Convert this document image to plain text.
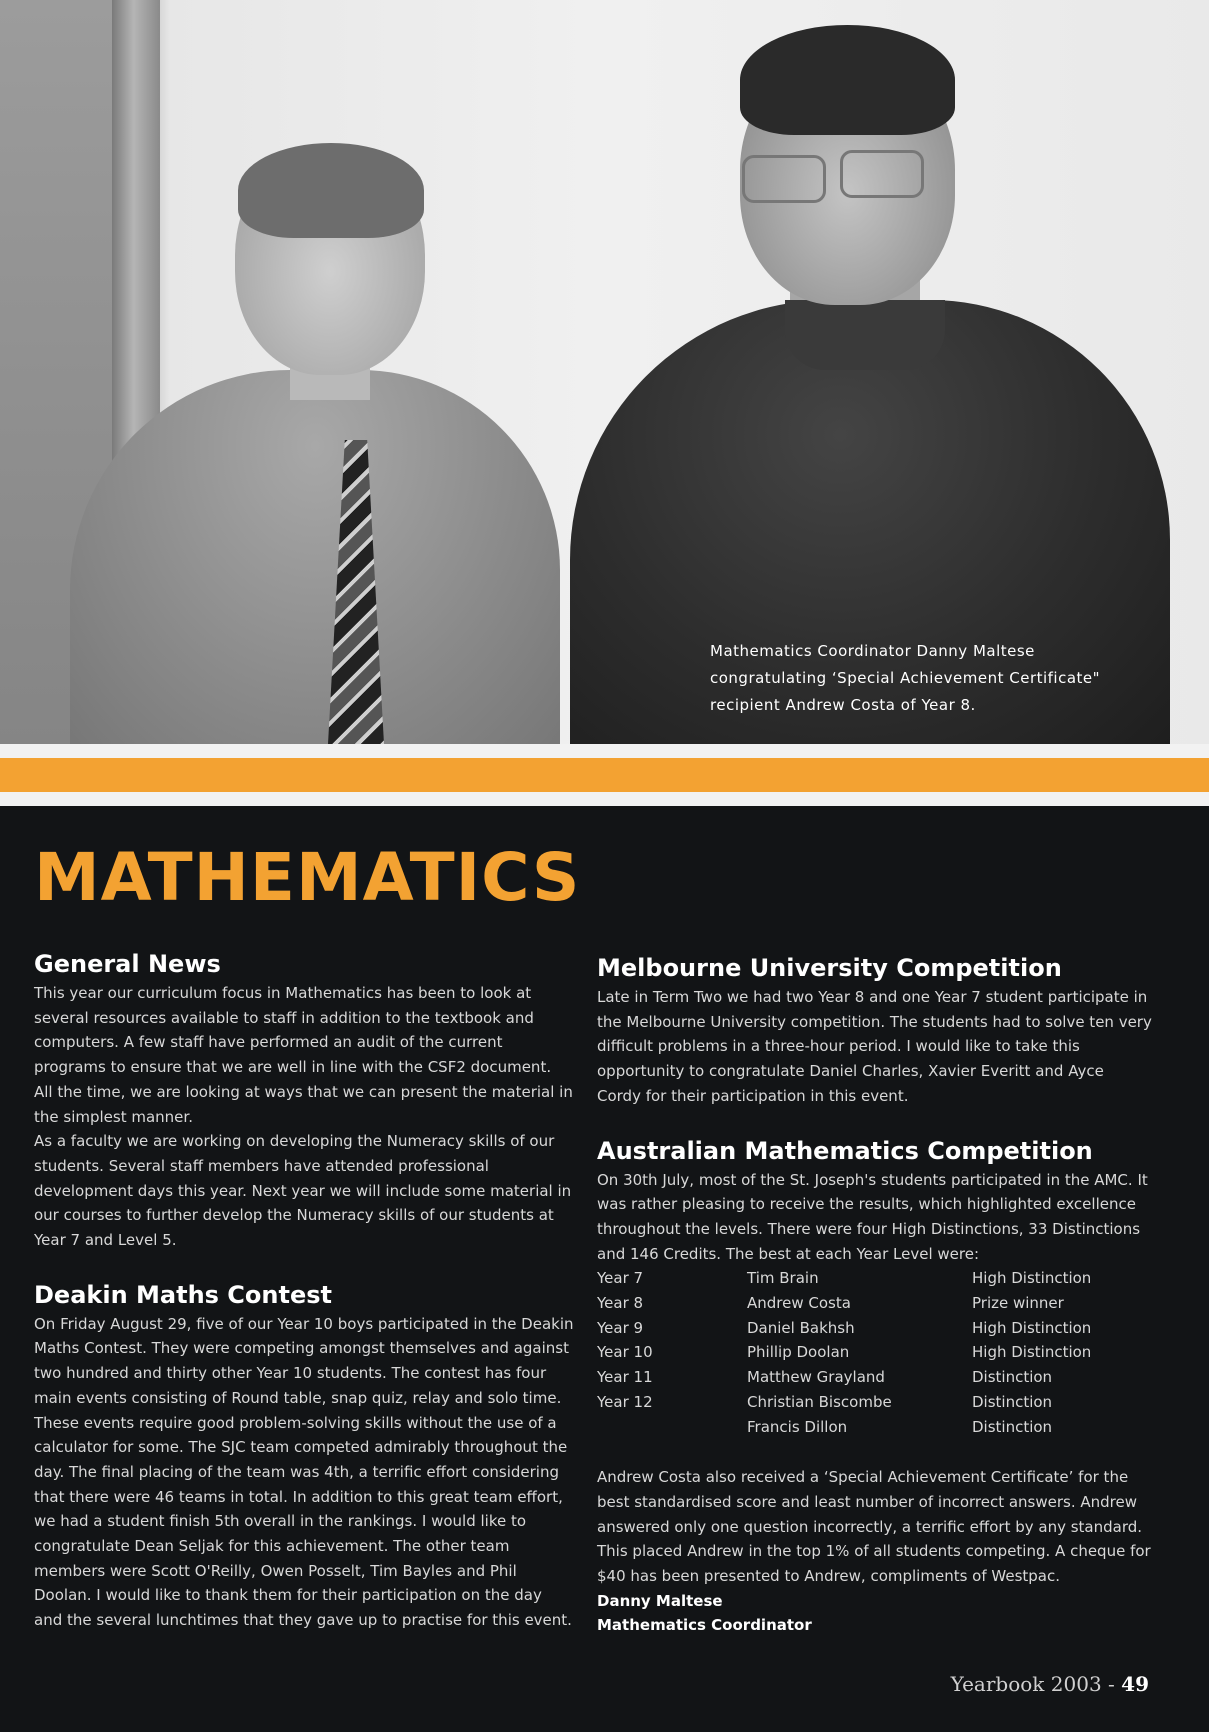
Mathematics Coordinator Danny Maltese
congratulating ‘Special Achievement Certificate"
recipient Andrew Costa of Year 8.
MATHEMATICS
General News

This year our curriculum focus in Mathematics has been to look at several resources available to staff in addition to the textbook and computers. A few staff have performed an audit of the current programs to ensure that we are well in line with the CSF2 document. All the time, we are looking at ways that we can present the material in the simplest manner.

As a faculty we are working on developing the Numeracy skills of our students. Several staff members have attended professional development days this year. Next year we will include some material in our courses to further develop the Numeracy skills of our students at Year 7 and Level 5.

Deakin Maths Contest

On Friday August 29, five of our Year 10 boys participated in the Deakin Maths Contest. They were competing amongst themselves and against two hundred and thirty other Year 10 students. The contest has four main events consisting of Round table, snap quiz, relay and solo time. These events require good problem-solving skills without the use of a calculator for some. The SJC team competed admirably throughout the day. The final placing of the team was 4th, a terrific effort considering that there were 46 teams in total. In addition to this great team effort, we had a student finish 5th overall in the rankings. I would like to congratulate Dean Seljak for this achievement. The other team members were Scott O'Reilly, Owen Posselt, Tim Bayles and Phil Doolan. I would like to thank them for their participation on the day and the several lunchtimes that they gave up to practise for this event.

Melbourne University Competition

Late in Term Two we had two Year 8 and one Year 7 student participate in the Melbourne University competition. The students had to solve ten very difficult problems in a three-hour period. I would like to take this opportunity to congratulate Daniel Charles, Xavier Everitt and Ayce Cordy for their participation in this event.

Australian Mathematics Competition

On 30th July, most of the St. Joseph's students participated in the AMC. It was rather pleasing to receive the results, which highlighted excellence throughout the levels. There were four High Distinctions, 33 Distinctions and 146 Credits. The best at each Year Level were:

Year 7	Tim Brain	High Distinction
Year 8	Andrew Costa	Prize winner
Year 9	Daniel Bakhsh	High Distinction
Year 10	Phillip Doolan	High Distinction
Year 11	Matthew Grayland	Distinction
Year 12	Christian Biscombe	Distinction
	Francis Dillon	Distinction

Andrew Costa also received a ‘Special Achievement Certificate’ for the best standardised score and least number of incorrect answers. Andrew answered only one question incorrectly, a terrific effort by any standard. This placed Andrew in the top 1% of all students competing. A cheque for $40 has been presented to Andrew, compliments of Westpac.

Danny Maltese

Mathematics Coordinator

Yearbook 2003 - 49
